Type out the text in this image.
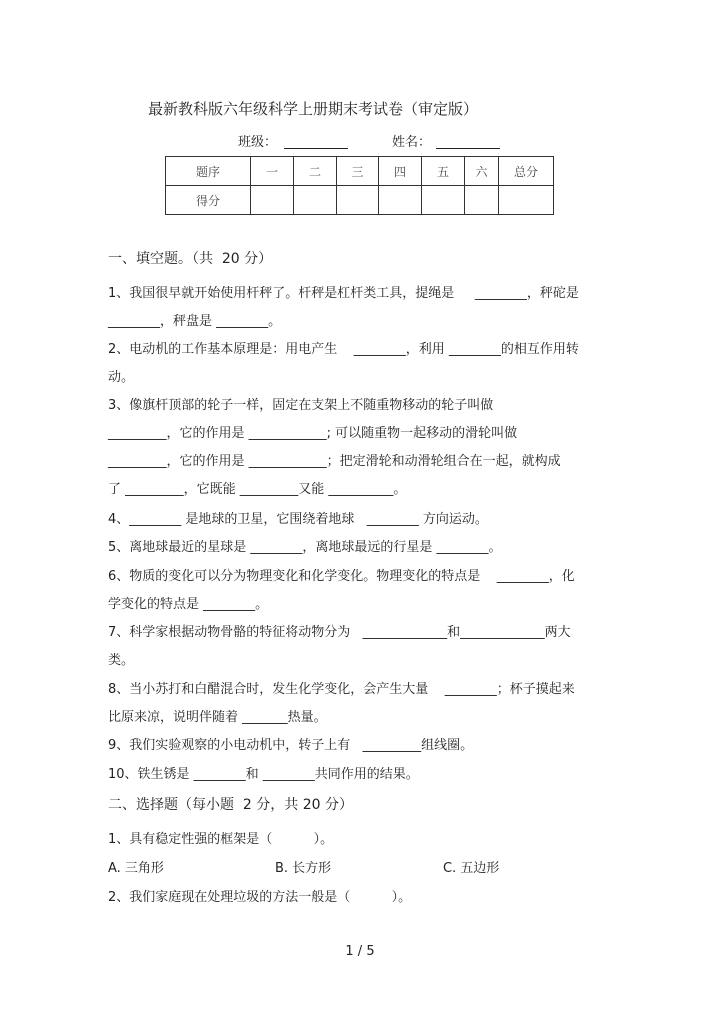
最新教科版六年级科学上册期末考试卷（审定版）
班级：	姓名：
题序	一	二	三	四	五	六	总分
得分							
一、填空题。（共  20 分）
1、我国很早就开始使用杆秤了。杆秤是杠杆类工具，提绳是     ________，秤砣是
________，秤盘是 ________。
2、电动机的工作基本原理是：用电产生    ________，利用 ________的相互作用转
动。
3、像旗杆顶部的轮子一样，固定在支架上不随重物移动的轮子叫做
_________，它的作用是 ____________; 可以随重物一起移动的滑轮叫做
_________，它的作用是 ____________；把定滑轮和动滑轮组合在一起，就构成
了 _________，它既能 _________又能 __________。
4、________ 是地球的卫星，它围绕着地球   ________ 方向运动。
5、离地球最近的星球是 ________，离地球最远的行星是 ________。
6、物质的变化可以分为物理变化和化学变化。物理变化的特点是    ________，化
学变化的特点是 ________。
7、科学家根据动物骨骼的特征将动物分为   _____________和_____________两大
类。
8、当小苏打和白醋混合时，发生化学变化，会产生大量    ________；杯子摸起来
比原来凉，说明伴随着 _______热量。
9、我们实验观察的小电动机中，转子上有   _________组线圈。
10、铁生锈是 ________和 ________共同作用的结果。
二、选择题（每小题  2 分，共 20 分）
1、具有稳定性强的框架是（          ）。
A. 三角形	B. 长方形	C. 五边形
2、我们家庭现在处理垃圾的方法一般是（          ）。
1 / 5
